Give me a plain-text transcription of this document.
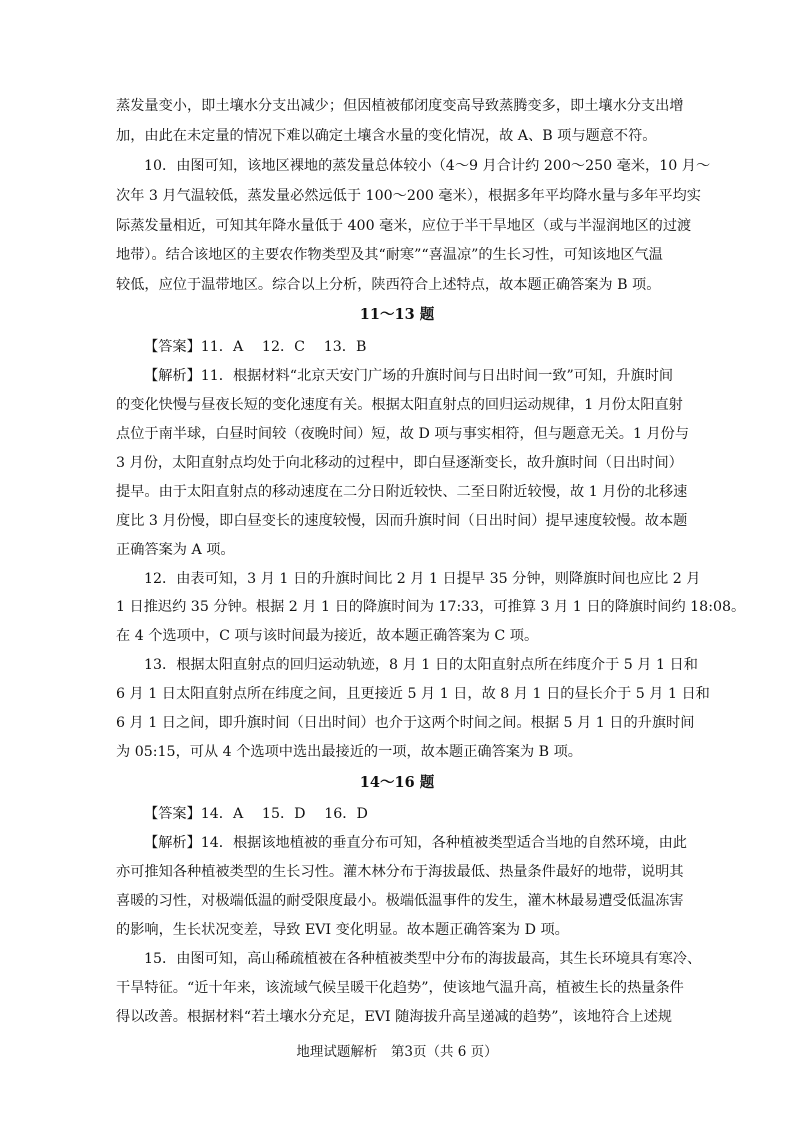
蒸发量变小，即土壤水分支出减少；但因植被郁闭度变高导致蒸腾变多，即土壤水分支出增
加，由此在未定量的情况下难以确定土壤含水量的变化情况，故 A、B 项与题意不符。
10．由图可知，该地区裸地的蒸发量总体较小（4～9 月合计约 200～250 毫米，10 月～
次年 3 月气温较低，蒸发量必然远低于 100～200 毫米），根据多年平均降水量与多年平均实
际蒸发量相近，可知其年降水量低于 400 毫米，应位于半干旱地区（或与半湿润地区的过渡
地带）。结合该地区的主要农作物类型及其“耐寒”“喜温凉”的生长习性，可知该地区气温
较低，应位于温带地区。综合以上分析，陕西符合上述特点，故本题正确答案为 B 项。
11～13 题
【答案】11．A　 12．C　 13．B
【解析】11．根据材料“北京天安门广场的升旗时间与日出时间一致”可知，升旗时间
的变化快慢与昼夜长短的变化速度有关。根据太阳直射点的回归运动规律，1 月份太阳直射
点位于南半球，白昼时间较（夜晚时间）短，故 D 项与事实相符，但与题意无关。1 月份与
3 月份，太阳直射点均处于向北移动的过程中，即白昼逐渐变长，故升旗时间（日出时间）
提早。由于太阳直射点的移动速度在二分日附近较快、二至日附近较慢，故 1 月份的北移速
度比 3 月份慢，即白昼变长的速度较慢，因而升旗时间（日出时间）提早速度较慢。故本题
正确答案为 A 项。
12．由表可知，3 月 1 日的升旗时间比 2 月 1 日提早 35 分钟，则降旗时间也应比 2 月
1 日推迟约 35 分钟。根据 2 月 1 日的降旗时间为 17:33，可推算 3 月 1 日的降旗时间约 18:08。
在 4 个选项中，C 项与该时间最为接近，故本题正确答案为 C 项。
13．根据太阳直射点的回归运动轨迹，8 月 1 日的太阳直射点所在纬度介于 5 月 1 日和
6 月 1 日太阳直射点所在纬度之间，且更接近 5 月 1 日，故 8 月 1 日的昼长介于 5 月 1 日和
6 月 1 日之间，即升旗时间（日出时间）也介于这两个时间之间。根据 5 月 1 日的升旗时间
为 05:15，可从 4 个选项中选出最接近的一项，故本题正确答案为 B 项。
14～16 题
【答案】14．A　 15．D　 16．D
【解析】14．根据该地植被的垂直分布可知，各种植被类型适合当地的自然环境，由此
亦可推知各种植被类型的生长习性。灌木林分布于海拔最低、热量条件最好的地带，说明其
喜暖的习性，对极端低温的耐受限度最小。极端低温事件的发生，灌木林最易遭受低温冻害
的影响，生长状况变差，导致 EVI 变化明显。故本题正确答案为 D 项。
15．由图可知，高山稀疏植被在各种植被类型中分布的海拔最高，其生长环境具有寒冷、
干旱特征。“近十年来，该流域气候呈暖干化趋势”，使该地气温升高，植被生长的热量条件
得以改善。根据材料“若土壤水分充足，EVI 随海拔升高呈递减的趋势”，该地符合上述规
地理试题解析　第3页（共 6 页）
